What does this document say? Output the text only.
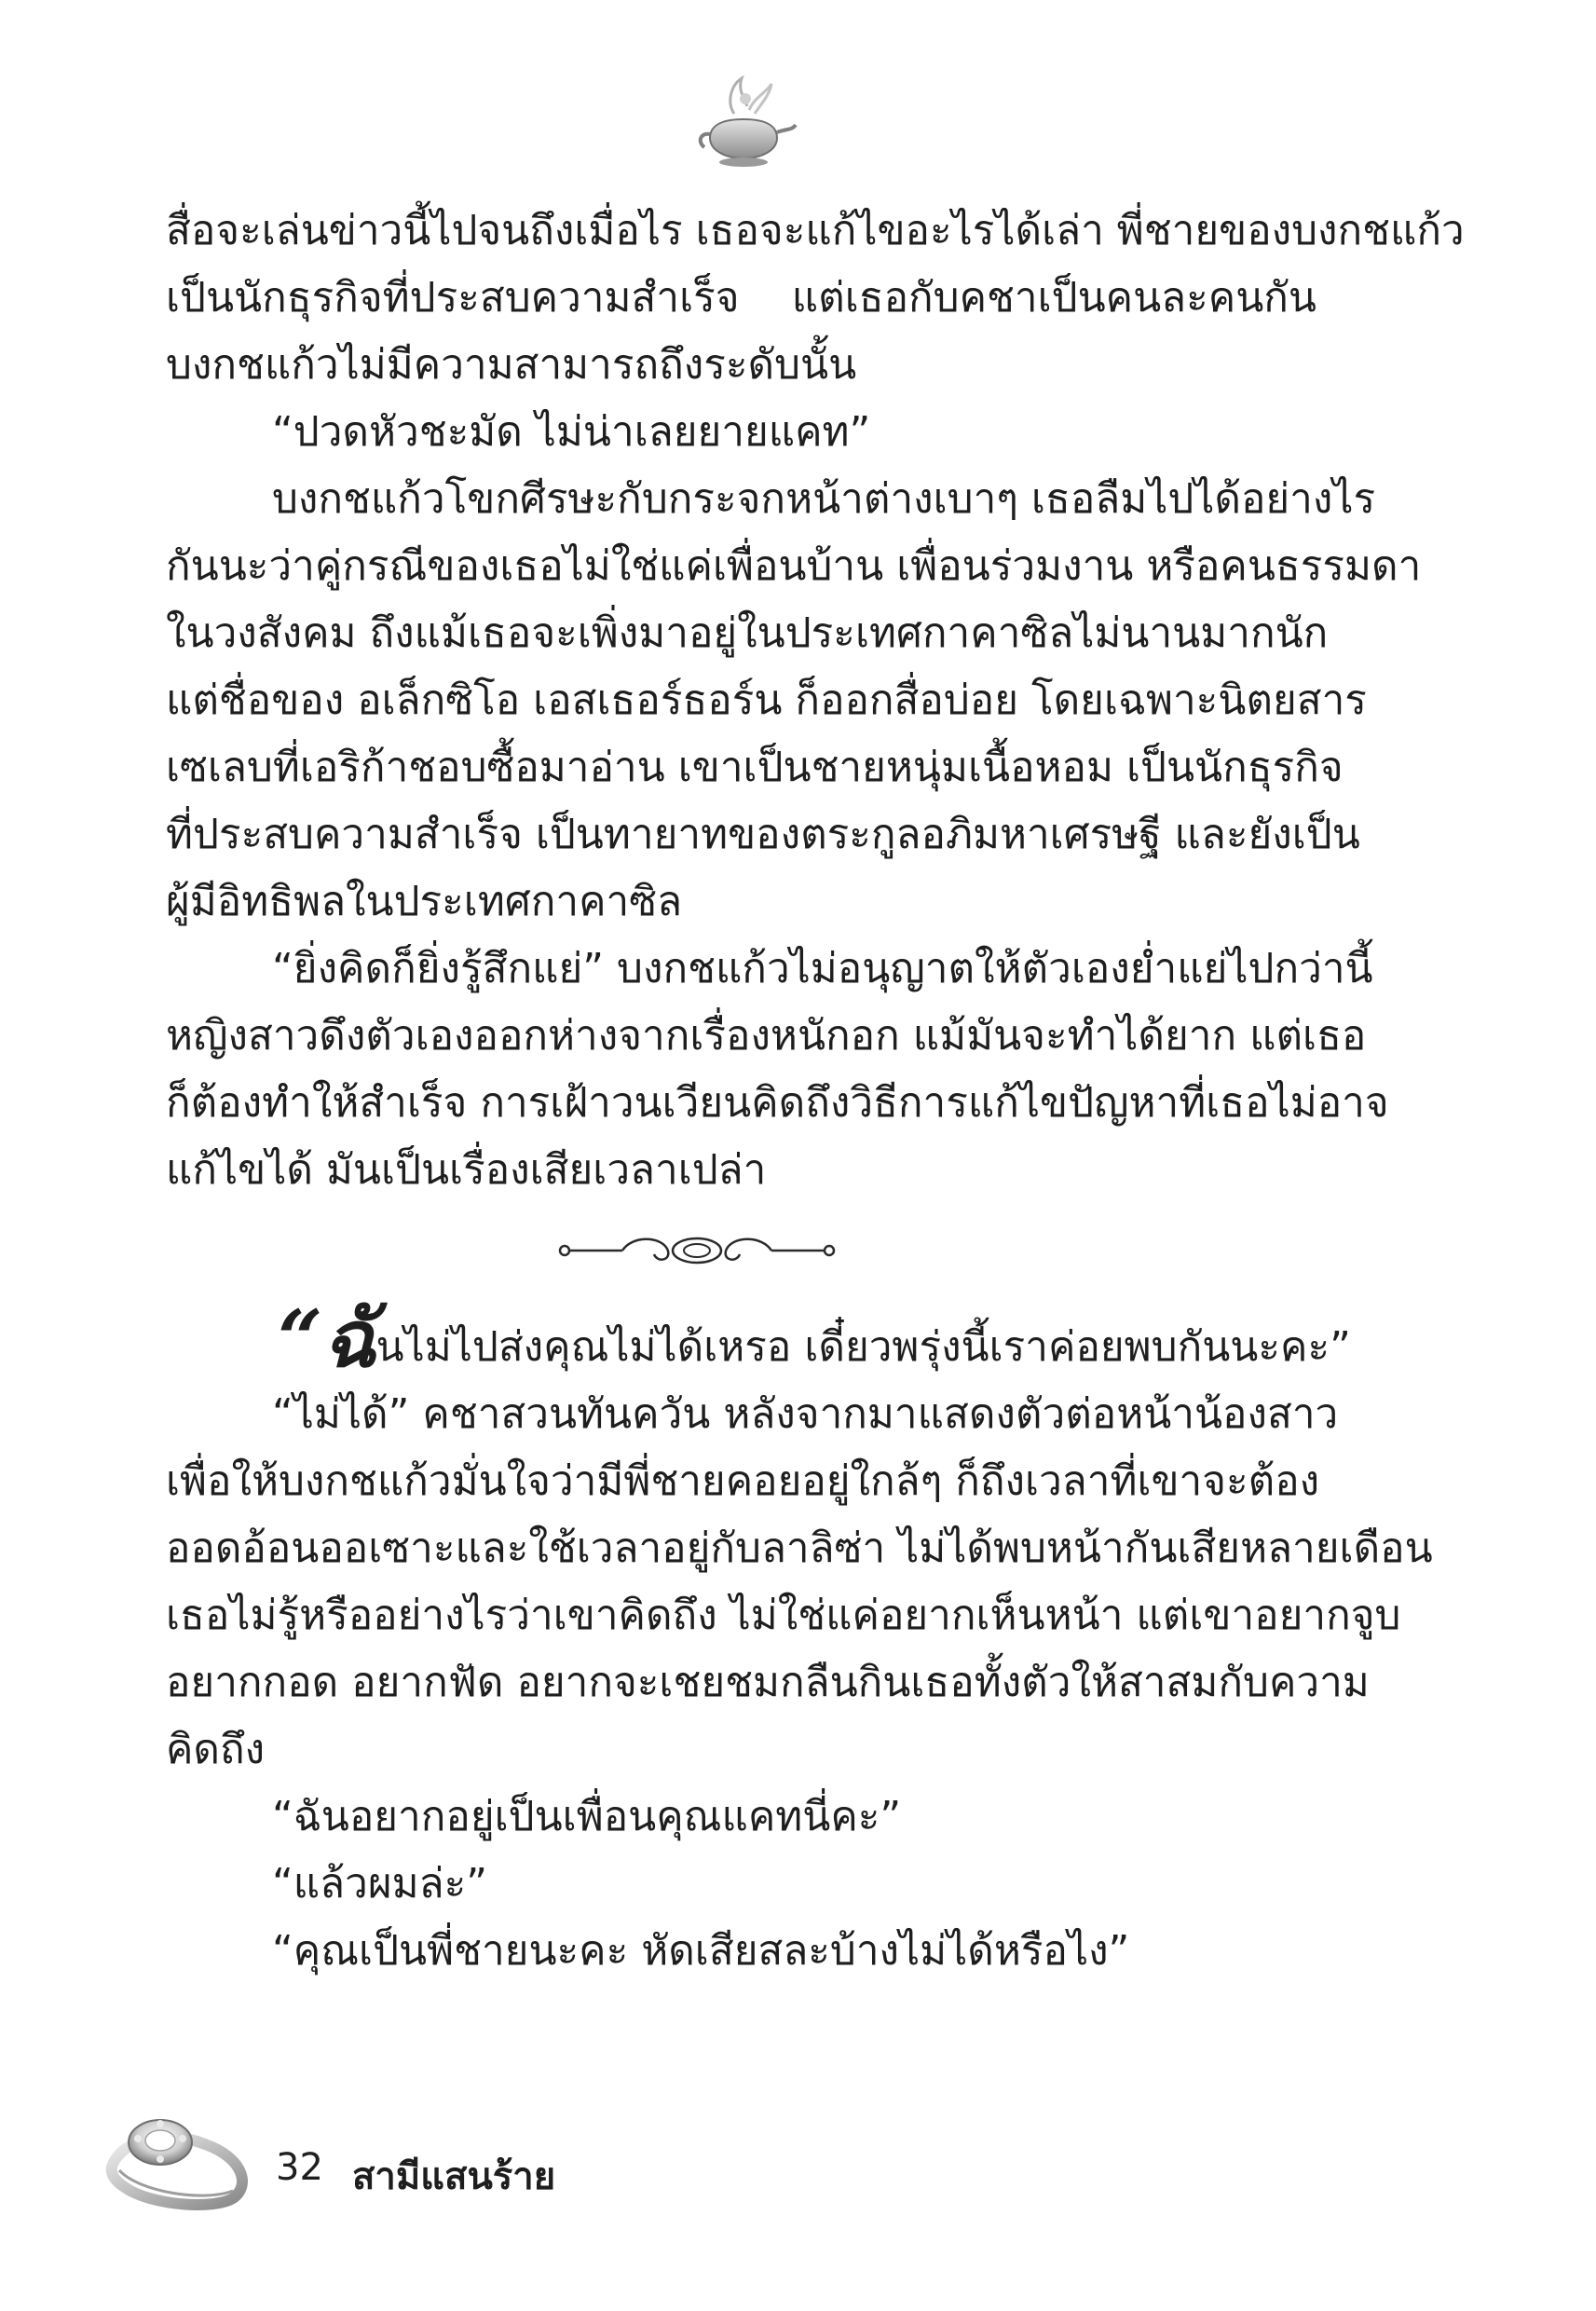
สื่อจะเล่นข่าวนี้ไปจนถึงเมื่อไร เธอจะแก้ไขอะไรได้เล่า พี่ชายของบงกชแก้ว
เป็นนักธุรกิจที่ประสบความสำเร็จ แต่เธอกับคชาเป็นคนละคนกัน
บงกชแก้วไม่มีความสามารถถึงระดับนั้น
“ปวดหัวชะมัด ไม่น่าเลยยายแคท”
บงกชแก้วโขกศีรษะกับกระจกหน้าต่างเบาๆ เธอลืมไปได้อย่างไร
กันนะว่าคู่กรณีของเธอไม่ใช่แค่เพื่อนบ้าน เพื่อนร่วมงาน หรือคนธรรมดา
ในวงสังคม ถึงแม้เธอจะเพิ่งมาอยู่ในประเทศกาคาซิลไม่นานมากนัก
แต่ชื่อของ อเล็กซิโอ เอสเธอร์ธอร์น ก็ออกสื่อบ่อย โดยเฉพาะนิตยสาร
เซเลบที่เอริก้าชอบซื้อมาอ่าน เขาเป็นชายหนุ่มเนื้อหอม เป็นนักธุรกิจ
ที่ประสบความสำเร็จ เป็นทายาทของตระกูลอภิมหาเศรษฐี และยังเป็น
ผู้มีอิทธิพลในประเทศกาคาซิล
“ยิ่งคิดก็ยิ่งรู้สึกแย่” บงกชแก้วไม่อนุญาตให้ตัวเองย่ำแย่ไปกว่านี้
หญิงสาวดึงตัวเองออกห่างจากเรื่องหนักอก แม้มันจะทำได้ยาก แต่เธอ
ก็ต้องทำให้สำเร็จ การเฝ้าวนเวียนคิดถึงวิธีการแก้ไขปัญหาที่เธอไม่อาจ
แก้ไขได้ มันเป็นเรื่องเสียเวลาเปล่า
“ฉันไม่ไปส่งคุณไม่ได้เหรอ เดี๋ยวพรุ่งนี้เราค่อยพบกันนะคะ”
“ไม่ได้” คชาสวนทันควัน หลังจากมาแสดงตัวต่อหน้าน้องสาว
เพื่อให้บงกชแก้วมั่นใจว่ามีพี่ชายคอยอยู่ใกล้ๆ ก็ถึงเวลาที่เขาจะต้อง
ออดอ้อนออเซาะและใช้เวลาอยู่กับลาลิซ่า ไม่ได้พบหน้ากันเสียหลายเดือน
เธอไม่รู้หรืออย่างไรว่าเขาคิดถึง ไม่ใช่แค่อยากเห็นหน้า แต่เขาอยากจูบ
อยากกอด อยากฟัด อยากจะเชยชมกลืนกินเธอทั้งตัวให้สาสมกับความ
คิดถึง
“ฉันอยากอยู่เป็นเพื่อนคุณแคทนี่คะ”
“แล้วผมล่ะ”
“คุณเป็นพี่ชายนะคะ หัดเสียสละบ้างไม่ได้หรือไง”
32 สามีแสนร้าย
